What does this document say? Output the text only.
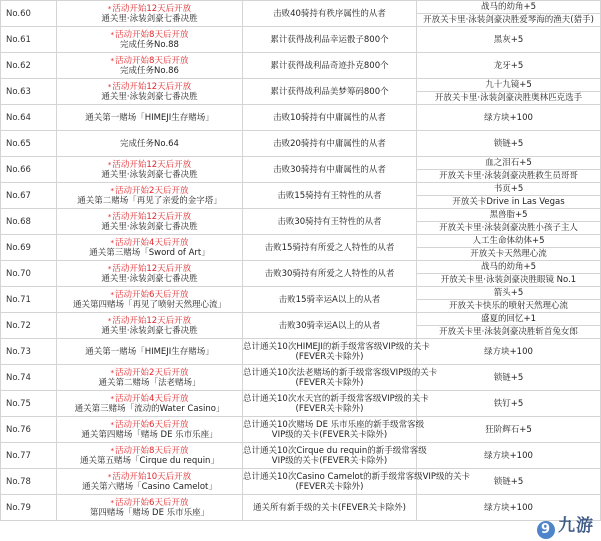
No.60	*活动开始12天后开放
通关里·泳装剑豪七番决胜	击败40骑持有秩序属性的从者	战马的幼角+5
			开放关卡里·泳装剑豪决胜爱琴海的渔夫(猎手)
No.61	*活动开始8天后开放
完成任务No.88	累计获得战利品幸运骰子800个	黑灰+5

No.62	*活动开始8天后开放
完成任务No.86	累计获得战利品奇迹扑克800个	龙牙+5

No.63	*活动开始12天后开放
通关里·泳装剑豪七番决胜	累计获得战利品美梦筹码800个	九十九镜+5
			开放关卡里·泳装剑豪决胜奥林匹克选手
No.64	通关第一赌场「HIMEJI生存赌场」	击败10骑持有中庸属性的从者	绿方块+100

No.65	完成任务No.64	击败20骑持有中庸属性的从者	锁链+5

No.66	*活动开始12天后开放
通关里·泳装剑豪七番决胜	击败30骑持有中庸属性的从者	血之泪石+5
			开放关卡里·泳装剑豪决胜救生员哥哥
No.67	*活动开始2天后开放
通关第二赌场「再见了亲爱的金字塔」	击败15骑持有王特性的从者	书页+5
			开放关卡Drive in Las Vegas
No.68	*活动开始12天后开放
通关里·泳装剑豪七番决胜	击败30骑持有王特性的从者	黑兽脂+5
			开放关卡里·泳装剑豪决胜小孩子主人
No.69	*活动开始4天后开放
通关第三赌场「Sword of Art」	击败15骑持有所爱之人特性的从者	人工生命体幼体+5
			开放关卡天然理心流
No.70	*活动开始12天后开放
通关里·泳装剑豪七番决胜	击败30骑持有所爱之人特性的从者	战马的幼角+5
			开放关卡里·泳装剑豪决胜眼镜 No.1
No.71	*活动开始6天后开放
通关第四赌场「再见了喷射天然理心流」	击败15骑幸运A以上的从者	箭头+5
			开放关卡快乐的喷射天然理心流
No.72	*活动开始12天后开放
通关里·泳装剑豪七番决胜	击败30骑幸运A以上的从者	盛夏的回忆+1
			开放关卡里·泳装剑豪决胜斩首兔女郎
No.73	通关第一赌场「HIMEJI生存赌场」	总计通关10次HIMEJI的新手级常客级VIP级的关卡
(FEVER关卡除外)	绿方块+100

No.74	*活动开始2天后开放
通关第二赌场「法老赌场」	总计通关10次法老赌场的新手级常客级VIP级的关卡
(FEVER关卡除外)	锁链+5

No.75	*活动开始4天后开放
通关第三赌场「流动的Water Casino」	总计通关10次水天宫的新手级常客级VIP级的关卡
(FEVER关卡除外)	铁钉+5

No.76	*活动开始6天后开放
通关第四赌场「赌场 DE 乐市乐座」	总计通关10次赌场 DE 乐市乐座的新手级常客级
VIP级的关卡(FEVER关卡除外)	狂阶辉石+5

No.77	*活动开始8天后开放
通关第五赌场「Cirque du requin」	总计通关10次Cirque du requin的新手级常客级
VIP级的关卡(FEVER关卡除外)	绿方块+100

No.78	*活动开始10天后开放
通关第六赌场「Casino Camelot」	总计通关10次Casino Camelot的新手级常客级VIP级的关卡
(FEVER关卡除外)	锁链+5

No.79	*活动开始6天后开放
第四赌场「赌场 DE 乐市乐座」	通关所有新手级的关卡(FEVER关卡除外)	绿方块+100
9 九游
